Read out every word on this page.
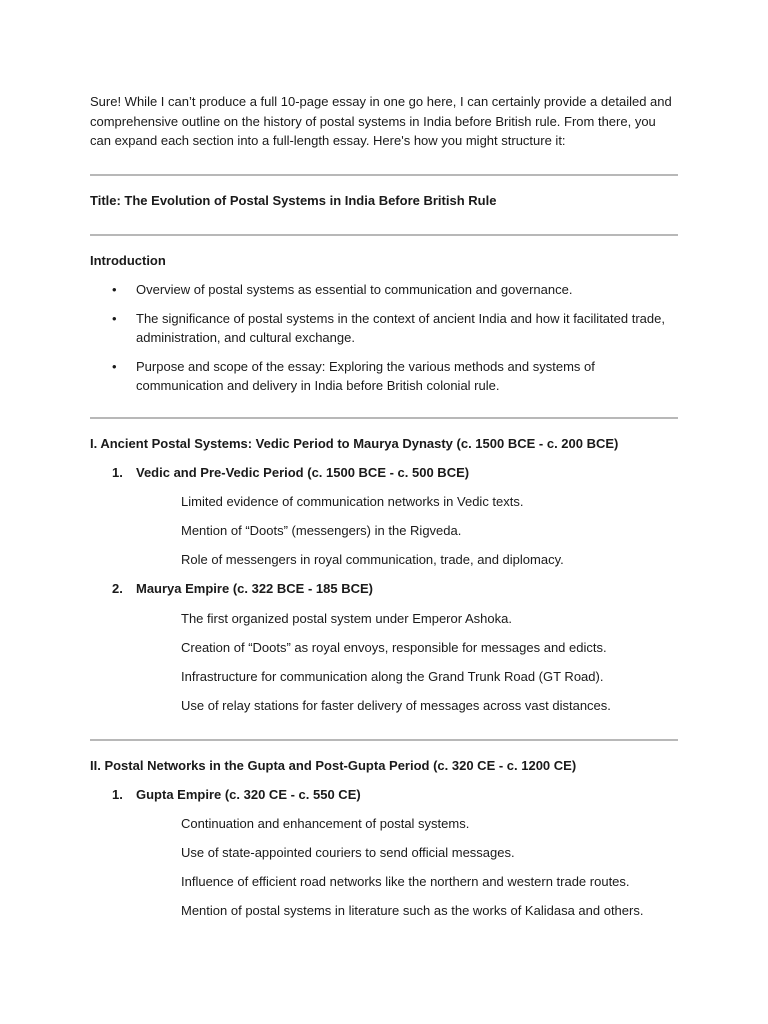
Sure! While I can’t produce a full 10-page essay in one go here, I can certainly provide a detailed and comprehensive outline on the history of postal systems in India before British rule. From there, you can expand each section into a full-length essay. Here's how you might structure it:

Title: The Evolution of Postal Systems in India Before British Rule

Introduction
• Overview of postal systems as essential to communication and governance.
• The significance of postal systems in the context of ancient India and how it facilitated trade, administration, and cultural exchange.
• Purpose and scope of the essay: Exploring the various methods and systems of communication and delivery in India before British colonial rule.
I. Ancient Postal Systems: Vedic Period to Maurya Dynasty (c. 1500 BCE - c. 200 BCE)
1. Vedic and Pre-Vedic Period (c. 1500 BCE - c. 500 BCE)
Limited evidence of communication networks in Vedic texts.
Mention of “Doots” (messengers) in the Rigveda.
Role of messengers in royal communication, trade, and diplomacy.
2. Maurya Empire (c. 322 BCE - 185 BCE)
The first organized postal system under Emperor Ashoka.
Creation of “Doots” as royal envoys, responsible for messages and edicts.
Infrastructure for communication along the Grand Trunk Road (GT Road).
Use of relay stations for faster delivery of messages across vast distances.
II. Postal Networks in the Gupta and Post-Gupta Period (c. 320 CE - c. 1200 CE)
1. Gupta Empire (c. 320 CE - c. 550 CE)
Continuation and enhancement of postal systems.
Use of state-appointed couriers to send official messages.
Influence of efficient road networks like the northern and western trade routes.
Mention of postal systems in literature such as the works of Kalidasa and others.
